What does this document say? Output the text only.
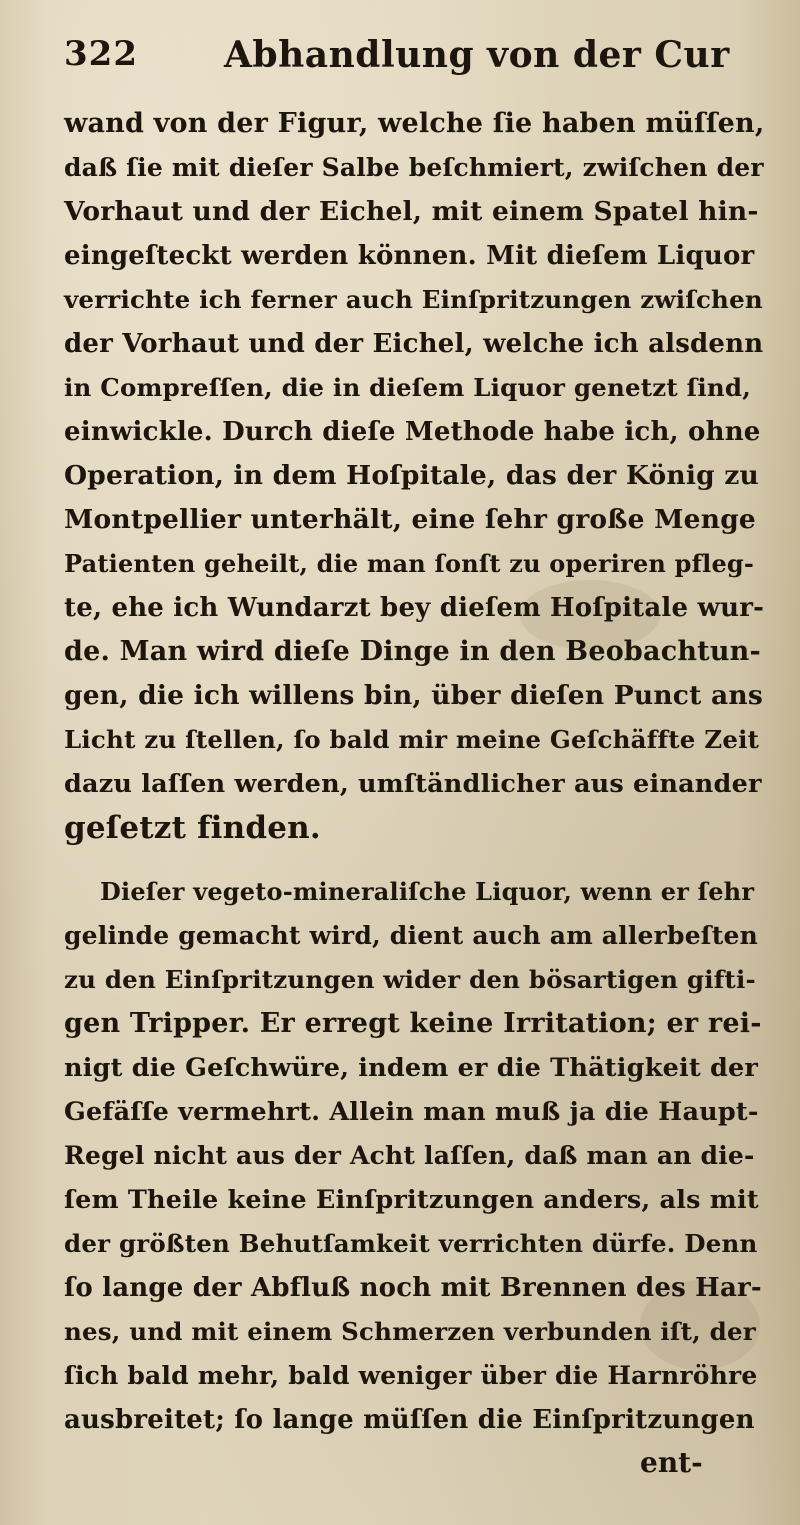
322 Abhandlung von der Cur
wand von der Figur, welche ſie haben müſſen,
daß ſie mit dieſer Salbe beſchmiert, zwiſchen der
Vorhaut und der Eichel, mit einem Spatel hin-
eingeſteckt werden können. Mit dieſem Liquor
verrichte ich ferner auch Einſpritzungen zwiſchen
der Vorhaut und der Eichel, welche ich alsdenn
in Compreſſen, die in dieſem Liquor genetzt ſind,
einwickle. Durch dieſe Methode habe ich, ohne
Operation, in dem Hoſpitale, das der König zu
Montpellier unterhält, eine ſehr große Menge
Patienten geheilt, die man ſonſt zu operiren pfleg-
te, ehe ich Wundarzt bey dieſem Hoſpitale wur-
de. Man wird dieſe Dinge in den Beobachtun-
gen, die ich willens bin, über dieſen Punct ans
Licht zu ſtellen, ſo bald mir meine Geſchäffte Zeit
dazu laſſen werden, umſtändlicher aus einander
geſetzt finden.
Dieſer vegeto-mineraliſche Liquor, wenn er ſehr
gelinde gemacht wird, dient auch am allerbeſten
zu den Einſpritzungen wider den bösartigen gifti-
gen Tripper. Er erregt keine Irritation; er rei-
nigt die Geſchwüre, indem er die Thätigkeit der
Gefäſſe vermehrt. Allein man muß ja die Haupt-
Regel nicht aus der Acht laſſen, daß man an die-
ſem Theile keine Einſpritzungen anders, als mit
der größten Behutſamkeit verrichten dürfe. Denn
ſo lange der Abfluß noch mit Brennen des Har-
nes, und mit einem Schmerzen verbunden iſt, der
ſich bald mehr, bald weniger über die Harnröhre
ausbreitet; ſo lange müſſen die Einſpritzungen
ent-
